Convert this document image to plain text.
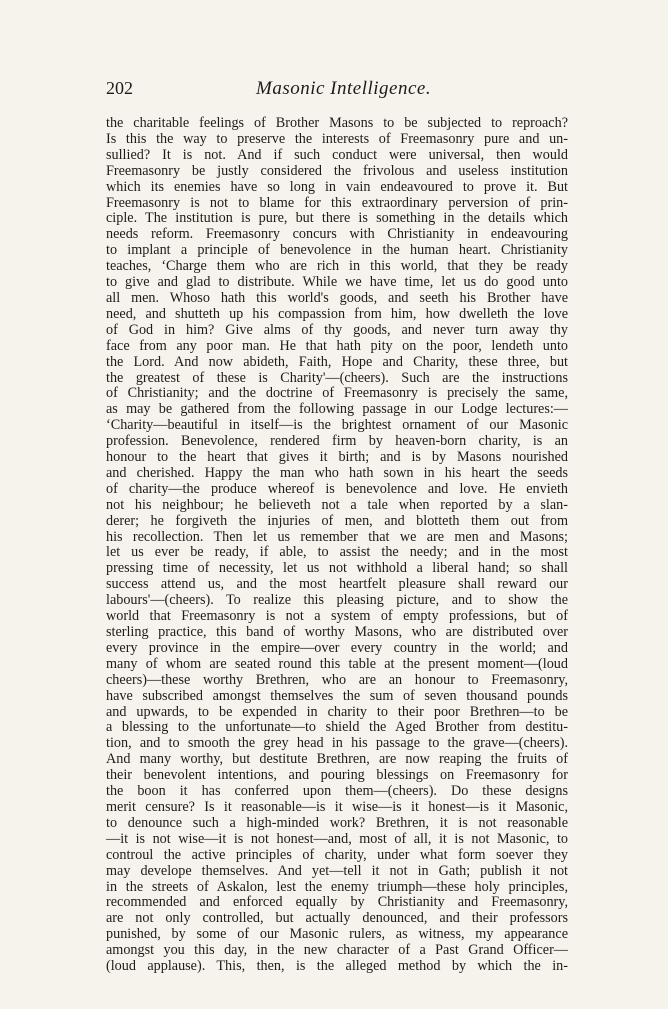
202	Masonic Intelligence.
the charitable feelings of Brother Masons to be subjected to reproach?
Is this the way to preserve the interests of Freemasonry pure and un-
sullied? It is not. And if such conduct were universal, then would
Freemasonry be justly considered the frivolous and useless institution
which its enemies have so long in vain endeavoured to prove it. But
Freemasonry is not to blame for this extraordinary perversion of prin-
ciple. The institution is pure, but there is something in the details which
needs reform. Freemasonry concurs with Christianity in endeavouring
to implant a principle of benevolence in the human heart. Christianity
teaches, ‘Charge them who are rich in this world, that they be ready
to give and glad to distribute. While we have time, let us do good unto
all men. Whoso hath this world's goods, and seeth his Brother have
need, and shutteth up his compassion from him, how dwelleth the love
of God in him? Give alms of thy goods, and never turn away thy
face from any poor man. He that hath pity on the poor, lendeth unto
the Lord. And now abideth, Faith, Hope and Charity, these three, but
the greatest of these is Charity'—(cheers). Such are the instructions
of Christianity; and the doctrine of Freemasonry is precisely the same,
as may be gathered from the following passage in our Lodge lectures:—
‘Charity—beautiful in itself—is the brightest ornament of our Masonic
profession. Benevolence, rendered firm by heaven-born charity, is an
honour to the heart that gives it birth; and is by Masons nourished
and cherished. Happy the man who hath sown in his heart the seeds
of charity—the produce whereof is benevolence and love. He envieth
not his neighbour; he believeth not a tale when reported by a slan-
derer; he forgiveth the injuries of men, and blotteth them out from
his recollection. Then let us remember that we are men and Masons;
let us ever be ready, if able, to assist the needy; and in the most
pressing time of necessity, let us not withhold a liberal hand; so shall
success attend us, and the most heartfelt pleasure shall reward our
labours'—(cheers). To realize this pleasing picture, and to show the
world that Freemasonry is not a system of empty professions, but of
sterling practice, this band of worthy Masons, who are distributed over
every province in the empire—over every country in the world; and
many of whom are seated round this table at the present moment—(loud
cheers)—these worthy Brethren, who are an honour to Freemasonry,
have subscribed amongst themselves the sum of seven thousand pounds
and upwards, to be expended in charity to their poor Brethren—to be
a blessing to the unfortunate—to shield the Aged Brother from destitu-
tion, and to smooth the grey head in his passage to the grave—(cheers).
And many worthy, but destitute Brethren, are now reaping the fruits of
their benevolent intentions, and pouring blessings on Freemasonry for
the boon it has conferred upon them—(cheers). Do these designs
merit censure? Is it reasonable—is it wise—is it honest—is it Masonic,
to denounce such a high-minded work? Brethren, it is not reasonable
—it is not wise—it is not honest—and, most of all, it is not Masonic, to
controul the active principles of charity, under what form soever they
may develope themselves. And yet—tell it not in Gath; publish it not
in the streets of Askalon, lest the enemy triumph—these holy principles,
recommended and enforced equally by Christianity and Freemasonry,
are not only controlled, but actually denounced, and their professors
punished, by some of our Masonic rulers, as witness, my appearance
amongst you this day, in the new character of a Past Grand Officer—
(loud applause). This, then, is the alleged method by which the in-
